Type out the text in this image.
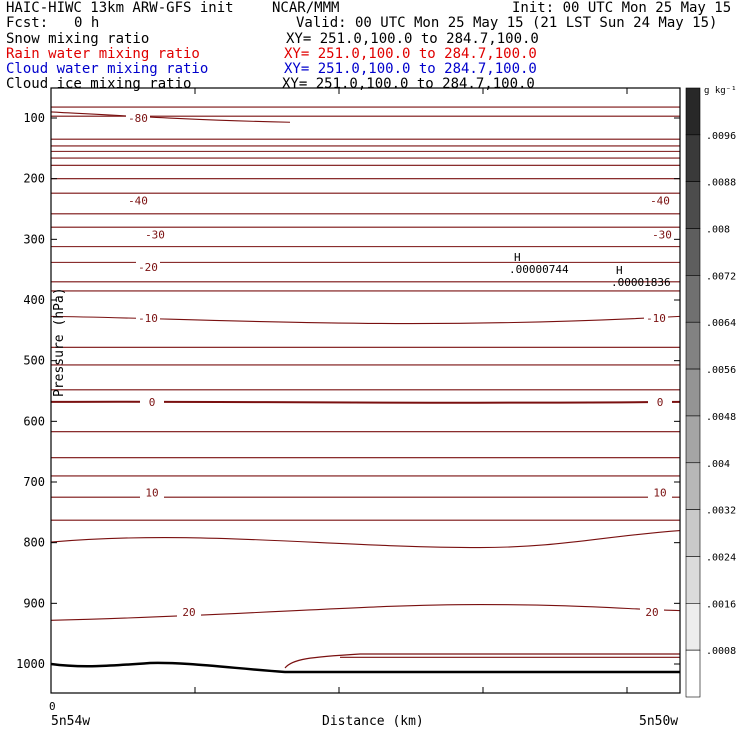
HAIC-HIWC 13km ARW-GFS init	NCAR/MMM	Init: 00 UTC Mon 25 May 15
Fcst: 0 h	Valid: 00 UTC Mon 25 May 15 (21 LST Sun 24 May 15)
Snow mixing ratio	XY= 251.0,100.0 to 284.7,100.0
Rain water mixing ratio	XY= 251.0,100.0 to 284.7,100.0
Cloud water mixing ratio	XY= 251.0,100.0 to 284.7,100.0
Cloud ice mixing ratio	XY= 251.0,100.0 to 284.7,100.0
-80
-40	-40
-30	-30
-20
-10	-10
0	0
10	10
20	20
100
200
300
400
500
600
700
800
900
1000
Pressure (hPa)
Distance (km)
5n54w	5n50w
0
H
.00000744	H
.00001836
g kg⁻¹
.0096
.0088
.008
.0072
.0064
.0056
.0048
.004
.0032
.0024
.0016
.0008
